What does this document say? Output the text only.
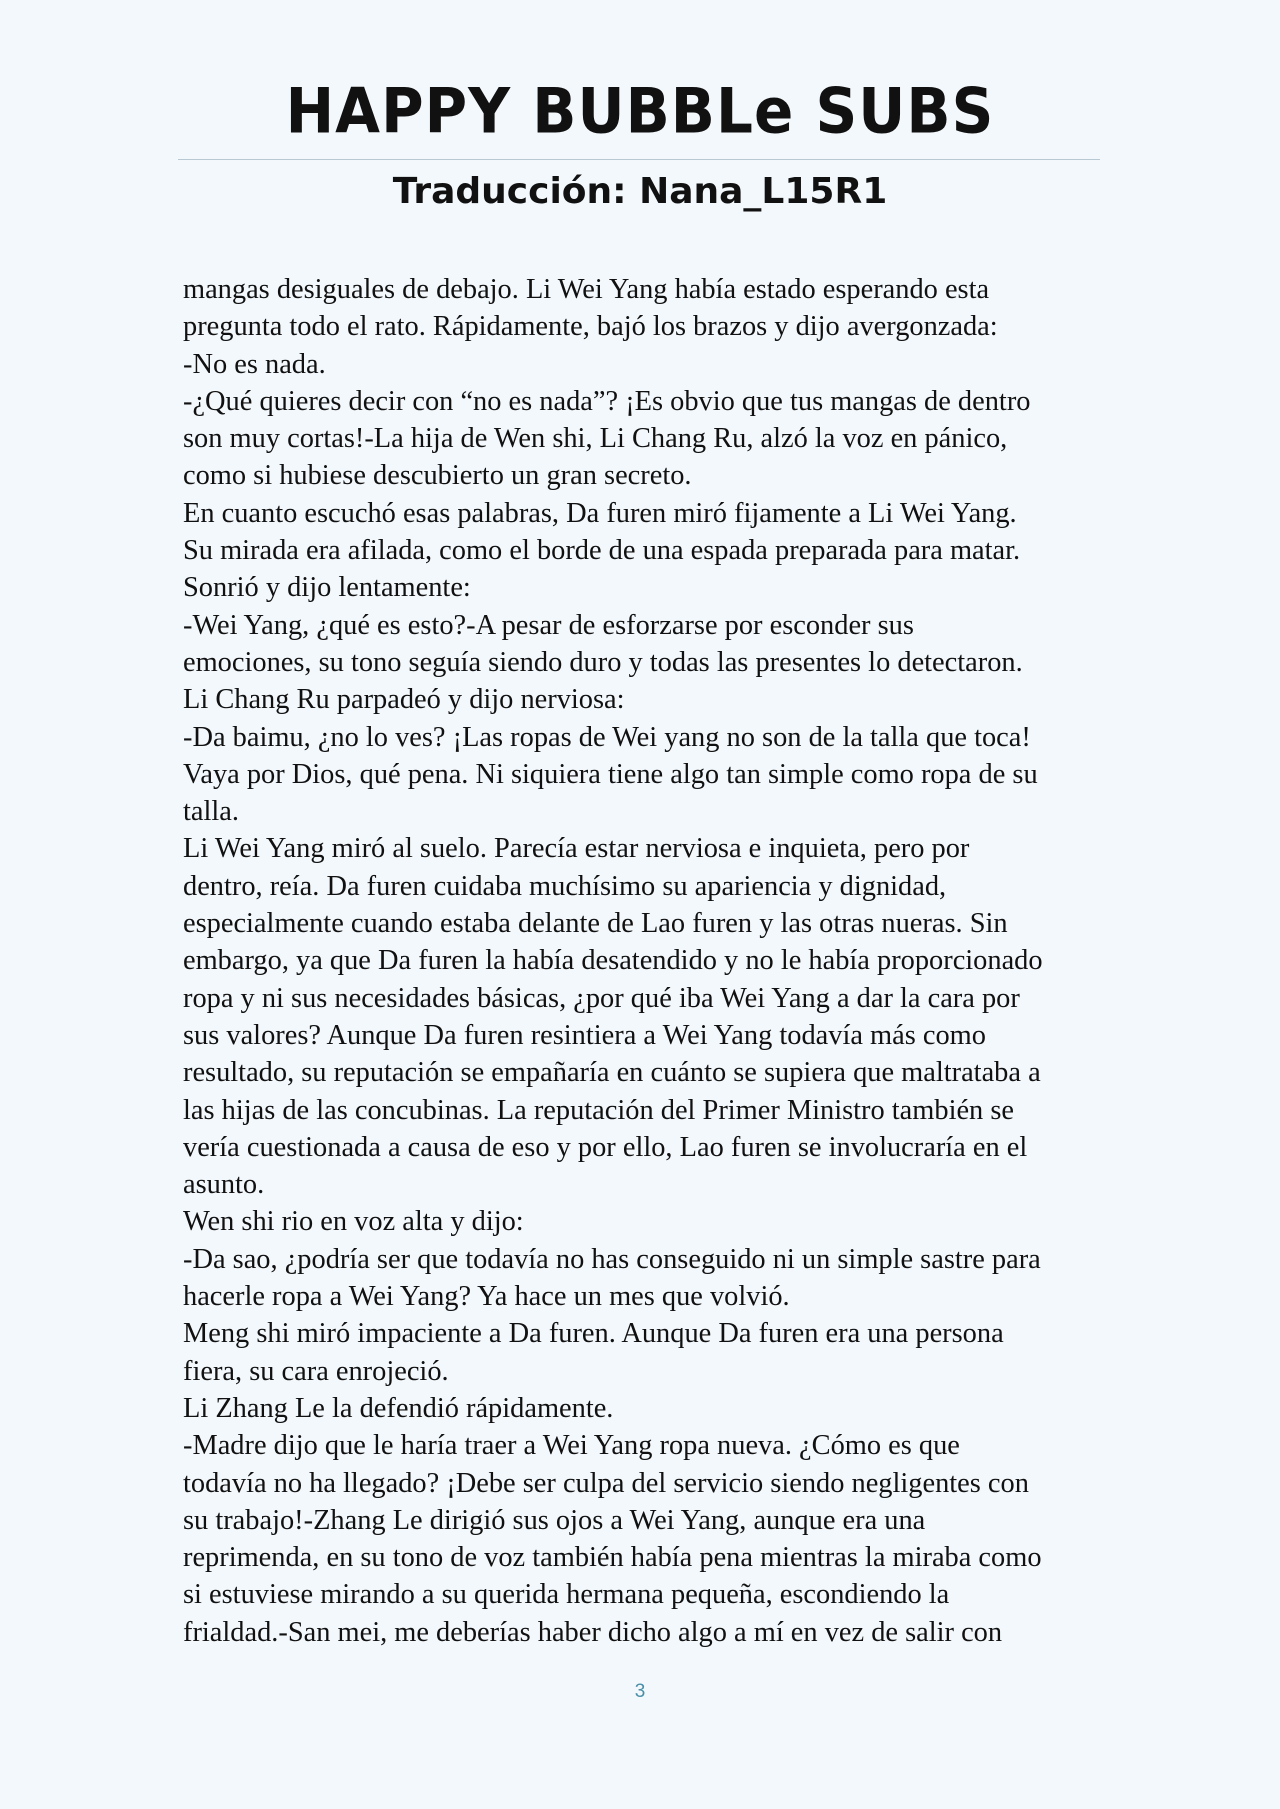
HAPPY BUBBLe SUBS
Traducción: Nana_L15R1
mangas desiguales de debajo. Li Wei Yang había estado esperando esta
pregunta todo el rato. Rápidamente, bajó los brazos y dijo avergonzada:
-No es nada.
-¿Qué quieres decir con “no es nada”? ¡Es obvio que tus mangas de dentro
son muy cortas!-La hija de Wen shi, Li Chang Ru, alzó la voz en pánico,
como si hubiese descubierto un gran secreto.
En cuanto escuchó esas palabras, Da furen miró fijamente a Li Wei Yang.
Su mirada era afilada, como el borde de una espada preparada para matar.
Sonrió y dijo lentamente:
-Wei Yang, ¿qué es esto?-A pesar de esforzarse por esconder sus
emociones, su tono seguía siendo duro y todas las presentes lo detectaron.
Li Chang Ru parpadeó y dijo nerviosa:
-Da baimu, ¿no lo ves? ¡Las ropas de Wei yang no son de la talla que toca!
Vaya por Dios, qué pena. Ni siquiera tiene algo tan simple como ropa de su
talla.
Li Wei Yang miró al suelo. Parecía estar nerviosa e inquieta, pero por
dentro, reía. Da furen cuidaba muchísimo su apariencia y dignidad,
especialmente cuando estaba delante de Lao furen y las otras nueras. Sin
embargo, ya que Da furen la había desatendido y no le había proporcionado
ropa y ni sus necesidades básicas, ¿por qué iba Wei Yang a dar la cara por
sus valores? Aunque Da furen resintiera a Wei Yang todavía más como
resultado, su reputación se empañaría en cuánto se supiera que maltrataba a
las hijas de las concubinas. La reputación del Primer Ministro también se
vería cuestionada a causa de eso y por ello, Lao furen se involucraría en el
asunto.
Wen shi rio en voz alta y dijo:
-Da sao, ¿podría ser que todavía no has conseguido ni un simple sastre para
hacerle ropa a Wei Yang? Ya hace un mes que volvió.
Meng shi miró impaciente a Da furen. Aunque Da furen era una persona
fiera, su cara enrojeció.
Li Zhang Le la defendió rápidamente.
-Madre dijo que le haría traer a Wei Yang ropa nueva. ¿Cómo es que
todavía no ha llegado? ¡Debe ser culpa del servicio siendo negligentes con
su trabajo!-Zhang Le dirigió sus ojos a Wei Yang, aunque era una
reprimenda, en su tono de voz también había pena mientras la miraba como
si estuviese mirando a su querida hermana pequeña, escondiendo la
frialdad.-San mei, me deberías haber dicho algo a mí en vez de salir con
3
